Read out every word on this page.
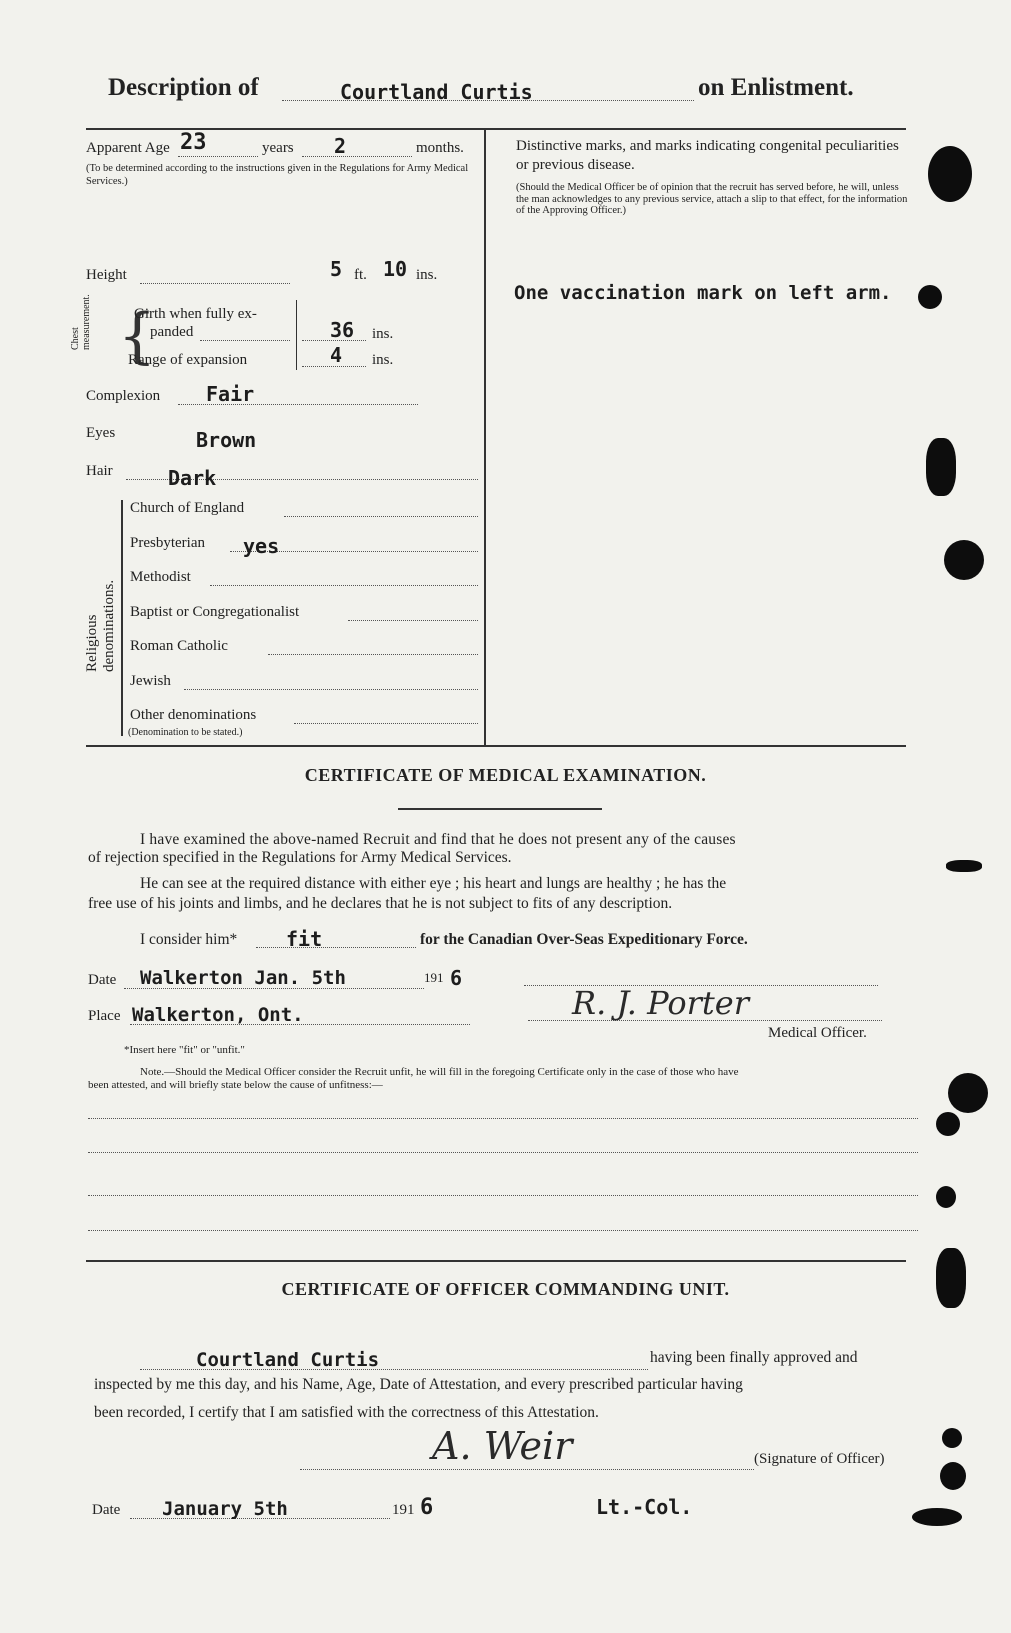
Description of	Courtland Curtis	on Enlistment.
Apparent Age 23	years 2	months.
(To be determined according to the instructions given in the Regulations for Army Medical Services.)
Height	5 ft. 10 ins.
Chest measurement. {
Girth when fully ex-
panded	36 ins.
Range of expansion	4 ins.
Complexion Fair
Eyes	Brown
Hair	Dark
Religious denominations.
Church of England
Presbyterian yes
Methodist
Baptist or Congregationalist
Roman Catholic
Jewish
Other denominations
(Denomination to be stated.)
Distinctive marks, and marks indicating congenital peculiarities or previous disease.
(Should the Medical Officer be of opinion that the recruit has served before, he will, unless the man acknowledges to any previous service, attach a slip to that effect, for the information of the Approving Officer.)
One vaccination mark on left arm.
CERTIFICATE OF MEDICAL EXAMINATION.
I have examined the above-named Recruit and find that he does not present any of the causes
of rejection specified in the Regulations for Army Medical Services.
He can see at the required distance with either eye ; his heart and lungs are healthy ; he has the
free use of his joints and limbs, and he declares that he is not subject to fits of any description.
I consider him* fit	for the Canadian Over-Seas Expeditionary Force.
Date Walkerton Jan. 5th	191 6
Place Walkerton, Ont.	R. J. Porter
Medical Officer.
*Insert here "fit" or "unfit."
Note.—Should the Medical Officer consider the Recruit unfit, he will fill in the foregoing Certificate only in the case of those who have
been attested, and will briefly state below the cause of unfitness:—
CERTIFICATE OF OFFICER COMMANDING UNIT.
Courtland Curtis	having been finally approved and
inspected by me this day, and his Name, Age, Date of Attestation, and every prescribed particular having
been recorded, I certify that I am satisfied with the correctness of this Attestation.
A. Weir	(Signature of Officer)
Date January 5th	191 6	Lt.-Col.
